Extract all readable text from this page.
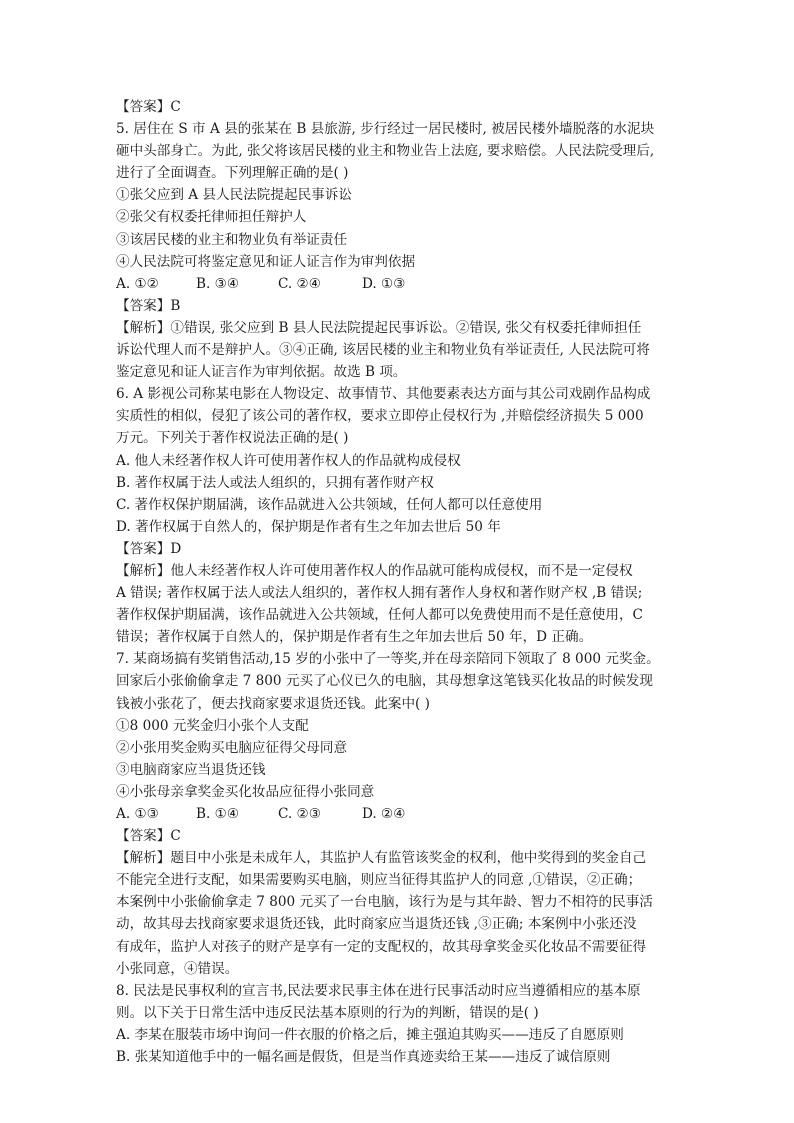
【答案】C
5. 居住在 S 市 A 县的张某在 B 县旅游, 步行经过一居民楼时, 被居民楼外墙脱落的水泥块
砸中头部身亡。为此, 张父将该居民楼的业主和物业告上法庭, 要求赔偿。人民法院受理后,
进行了全面调查。下列理解正确的是( )
①张父应到 A 县人民法院提起民事诉讼
②张父有权委托律师担任辩护人
③该居民楼的业主和物业负有举证责任
④人民法院可将鉴定意见和证人证言作为审判依据
A. ①②	B. ③④	C. ②④	D. ①③
【答案】B
【解析】①错误, 张父应到 B 县人民法院提起民事诉讼。②错误, 张父有权委托律师担任
诉讼代理人而不是辩护人。③④正确, 该居民楼的业主和物业负有举证责任, 人民法院可将
鉴定意见和证人证言作为审判依据。故选 B 项。
6. A 影视公司称某电影在人物设定、故事情节、其他要素表达方面与其公司戏剧作品构成
实质性的相似，侵犯了该公司的著作权，要求立即停止侵权行为 ,并赔偿经济损失 5 000
万元。下列关于著作权说法正确的是( )
A. 他人未经著作权人许可使用著作权人的作品就构成侵权
B. 著作权属于法人或法人组织的，只拥有著作财产权
C. 著作权保护期届满，该作品就进入公共领域，任何人都可以任意使用
D. 著作权属于自然人的，保护期是作者有生之年加去世后 50 年
【答案】D
【解析】他人未经著作权人许可使用著作权人的作品就可能构成侵权，而不是一定侵权
A 错误; 著作权属于法人或法人组织的，著作权人拥有著作人身权和著作财产权 ,B 错误;
著作权保护期届满，该作品就进入公共领域，任何人都可以免费使用而不是任意使用，C
错误；著作权属于自然人的，保护期是作者有生之年加去世后 50 年，D 正确。
7. 某商场搞有奖销售活动,15 岁的小张中了一等奖,并在母亲陪同下领取了 8 000 元奖金。
回家后小张偷偷拿走 7 800 元买了心仪已久的电脑，其母想拿这笔钱买化妆品的时候发现
钱被小张花了，便去找商家要求退货还钱。此案中( )
①8 000 元奖金归小张个人支配
②小张用奖金购买电脑应征得父母同意
③电脑商家应当退货还钱
④小张母亲拿奖金买化妆品应征得小张同意
A. ①③	B. ①④	C. ②③	D. ②④
【答案】C
【解析】题目中小张是未成年人，其监护人有监管该奖金的权利，他中奖得到的奖金自己
不能完全进行支配，如果需要购买电脑，则应当征得其监护人的同意 ,①错误，②正确；
本案例中小张偷偷拿走 7 800 元买了一台电脑，该行为是与其年龄、智力不相符的民事活
动，故其母去找商家要求退货还钱，此时商家应当退货还钱 ,③正确; 本案例中小张还没
有成年，监护人对孩子的财产是享有一定的支配权的，故其母拿奖金买化妆品不需要征得
小张同意，④错误。
8. 民法是民事权利的宣言书,民法要求民事主体在进行民事活动时应当遵循相应的基本原
则。以下关于日常生活中违反民法基本原则的行为的判断，错误的是( )
A. 李某在服装市场中询问一件衣服的价格之后，摊主强迫其购买——违反了自愿原则
B. 张某知道他手中的一幅名画是假货，但是当作真迹卖给王某——违反了诚信原则
